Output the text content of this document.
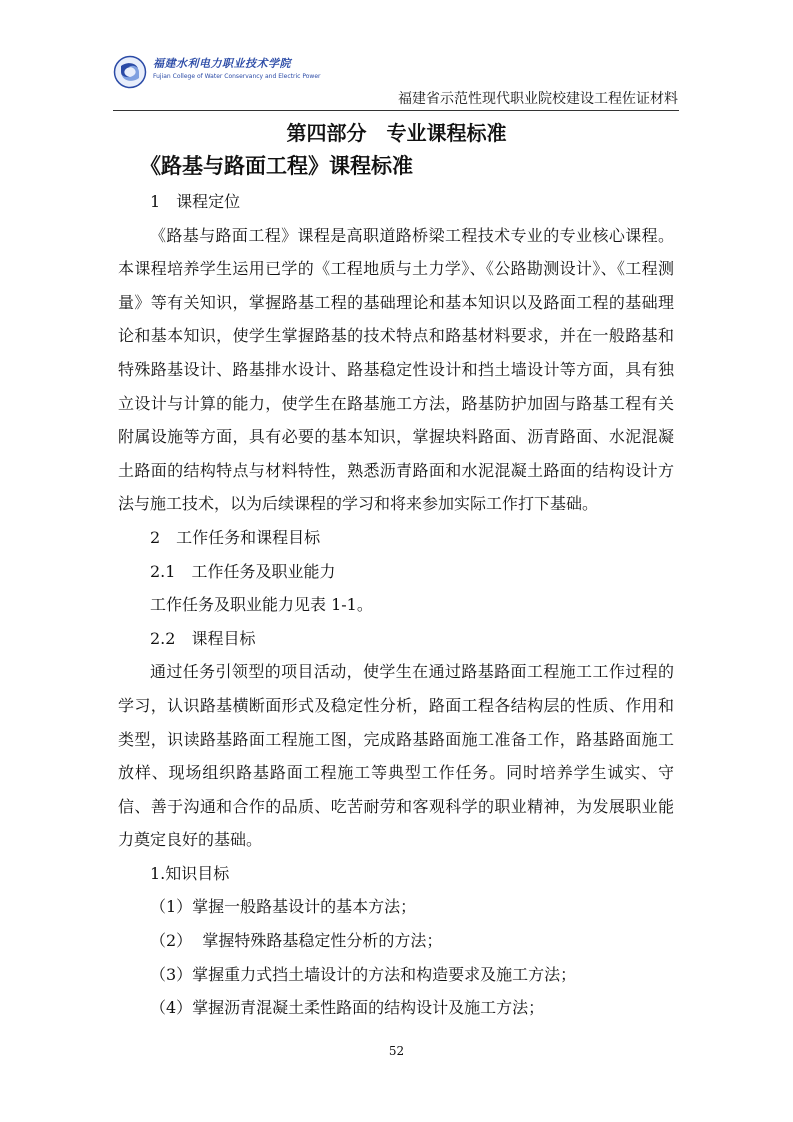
福建水利电力职业技术学院
Fujian College of Water Conservancy and Electric Power
福建省示范性现代职业院校建设工程佐证材料
第四部分　专业课程标准
《路基与路面工程》课程标准

1　课程定位

《路基与路面工程》课程是高职道路桥梁工程技术专业的专业核心课程。 本课程培养学生运用已学的《工程地质与土力学》、《公路勘测设计》、《工程测量》等有关知识，掌握路基工程的基础理论和基本知识以及路面工程的基础理论和基本知识，使学生掌握路基的技术特点和路基材料要求，并在一般路基和特殊路基设计、路基排水设计、路基稳定性设计和挡土墙设计等方面，具有独立设计与计算的能力，使学生在路基施工方法，路基防护加固与路基工程有关附属设施等方面，具有必要的基本知识，掌握块料路面、沥青路面、水泥混凝土路面的结构特点与材料特性，熟悉沥青路面和水泥混凝土路面的结构设计方法与施工技术，以为后续课程的学习和将来参加实际工作打下基础。

2　工作任务和课程目标

2.1　工作任务及职业能力

工作任务及职业能力见表 1-1。

2.2　课程目标

通过任务引领型的项目活动，使学生在通过路基路面工程施工工作过程的学习，认识路基横断面形式及稳定性分析，路面工程各结构层的性质、作用和类型，识读路基路面工程施工图，完成路基路面施工准备工作，路基路面施工放样、现场组织路基路面工程施工等典型工作任务。同时培养学生诚实、守信、善于沟通和合作的品质、吃苦耐劳和客观科学的职业精神，为发展职业能力奠定良好的基础。

1.知识目标

（1）掌握一般路基设计的基本方法；

（2）  掌握特殊路基稳定性分析的方法；

（3）掌握重力式挡土墙设计的方法和构造要求及施工方法；

（4）掌握沥青混凝土柔性路面的结构设计及施工方法；

52
